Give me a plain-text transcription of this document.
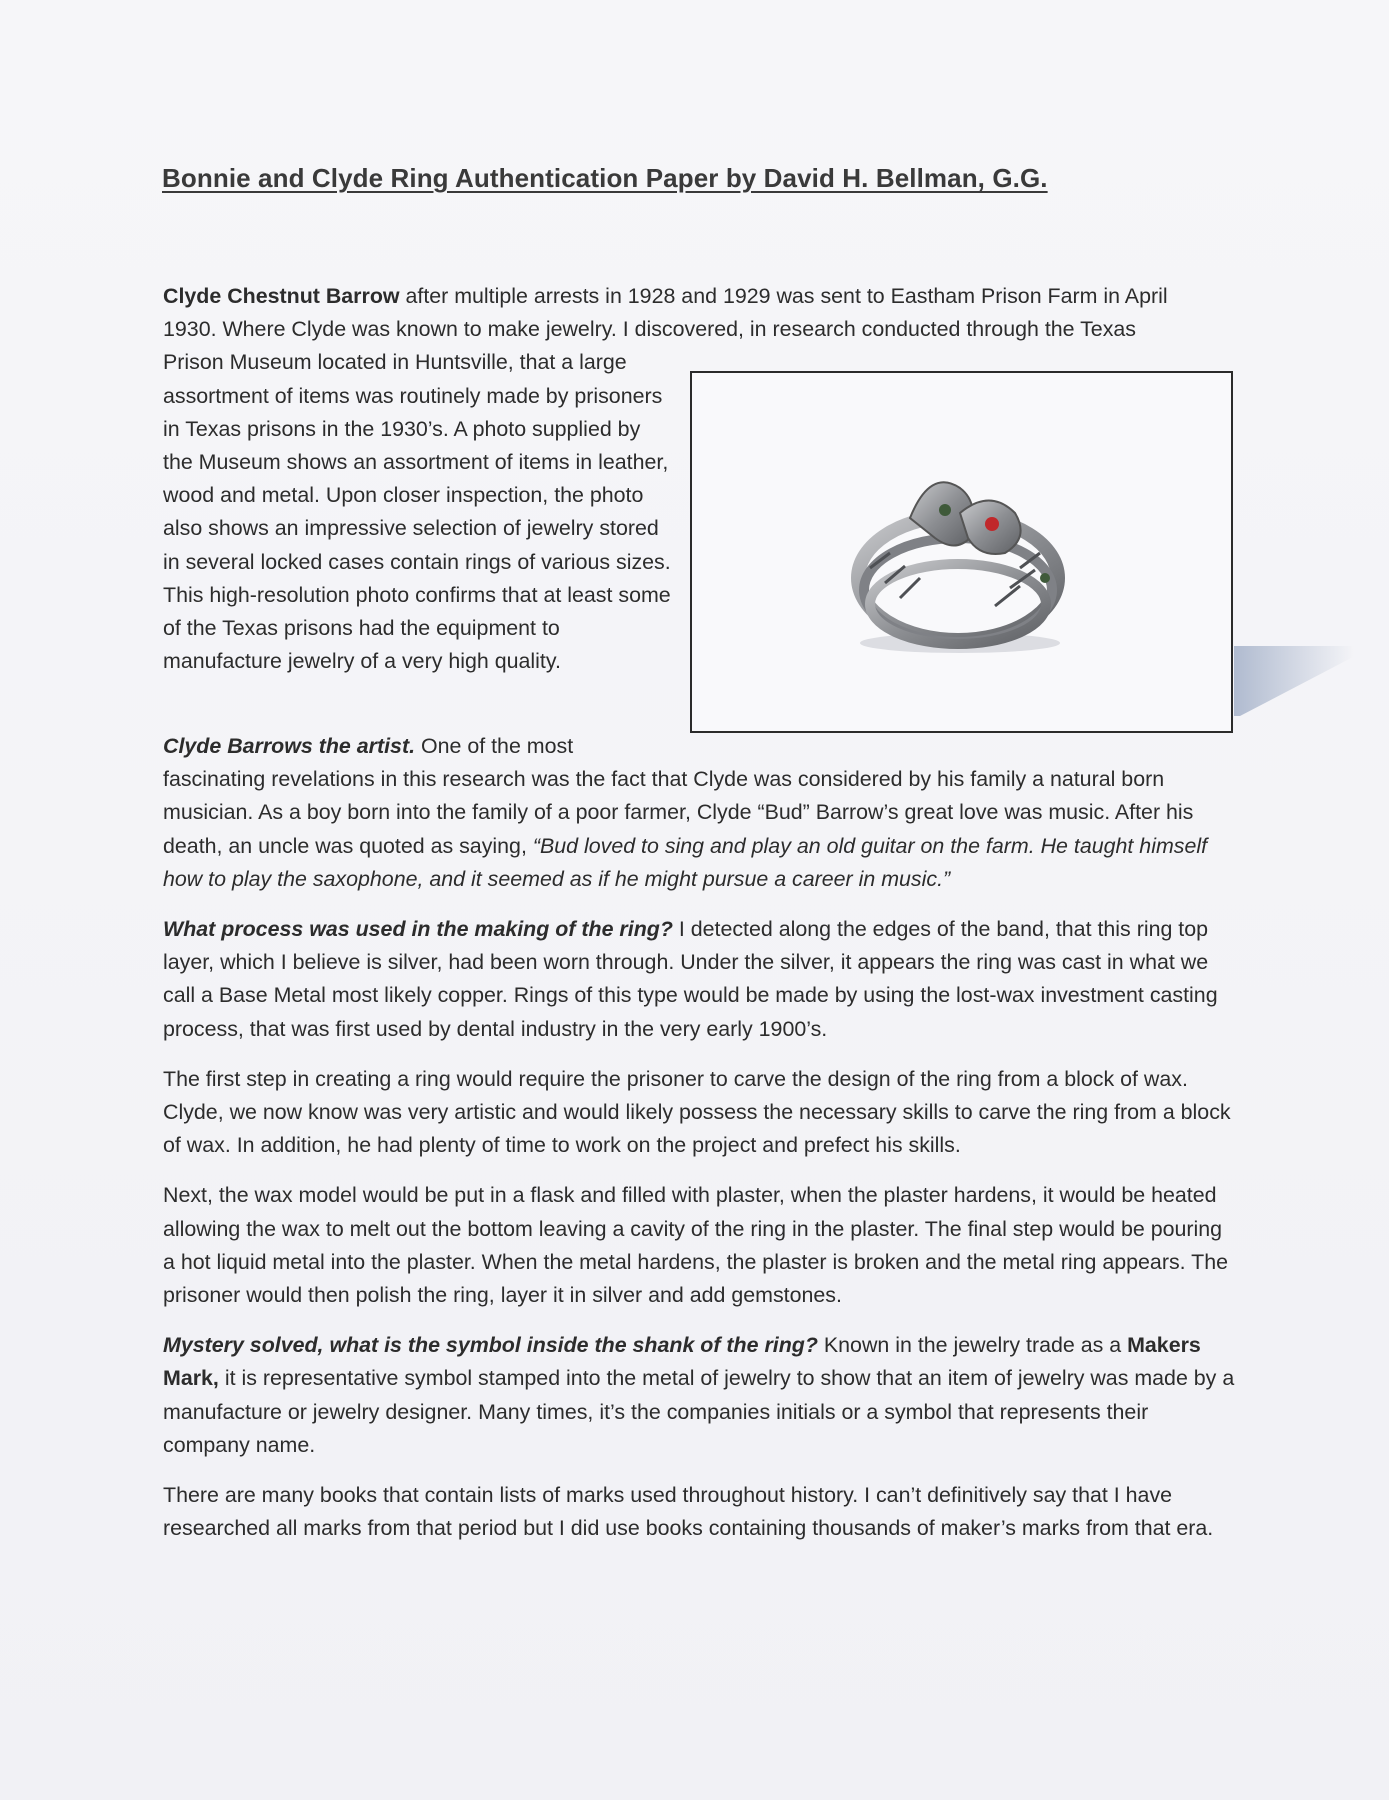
Bonnie and Clyde Ring Authentication Paper by David H. Bellman, G.G.
Clyde Chestnut Barrow after multiple arrests in 1928 and 1929 was sent to Eastham Prison Farm in April
1930. Where Clyde was known to make jewelry. I discovered, in research conducted through the Texas
Prison Museum located in Huntsville, that a large assortment of items was routinely made by prisoners in Texas prisons in the 1930’s. A photo supplied by the Museum shows an assortment of items in leather, wood and metal. Upon closer inspection, the photo also shows an impressive selection of jewelry stored in several locked cases contain rings of various sizes. This high-resolution photo confirms that at least some of the Texas prisons had the equipment to manufacture jewelry of a very high quality.

Clyde Barrows the artist. One of the most
fascinating revelations in this research was the fact that Clyde was considered by his family a natural born musician. As a boy born into the family of a poor farmer, Clyde “Bud” Barrow’s great love was music. After his death, an uncle was quoted as saying, “Bud loved to sing and play an old guitar on the farm. He taught himself how to play the saxophone, and it seemed as if he might pursue a career in music.”

What process was used in the making of the ring? I detected along the edges of the band, that this ring top layer, which I believe is silver, had been worn through. Under the silver, it appears the ring was cast in what we call a Base Metal most likely copper. Rings of this type would be made by using the lost-wax investment casting process, that was first used by dental industry in the very early 1900’s.

The first step in creating a ring would require the prisoner to carve the design of the ring from a block of wax. Clyde, we now know was very artistic and would likely possess the necessary skills to carve the ring from a block of wax. In addition, he had plenty of time to work on the project and prefect his skills.

Next, the wax model would be put in a flask and filled with plaster, when the plaster hardens, it would be heated allowing the wax to melt out the bottom leaving a cavity of the ring in the plaster. The final step would be pouring a hot liquid metal into the plaster. When the metal hardens, the plaster is broken and the metal ring appears. The prisoner would then polish the ring, layer it in silver and add gemstones.

Mystery solved, what is the symbol inside the shank of the ring? Known in the jewelry trade as a Makers Mark, it is representative symbol stamped into the metal of jewelry to show that an item of jewelry was made by a manufacture or jewelry designer. Many times, it’s the companies initials or a symbol that represents their company name.

There are many books that contain lists of marks used throughout history. I can’t definitively say that I have researched all marks from that period but I did use books containing thousands of maker’s marks from that era.
